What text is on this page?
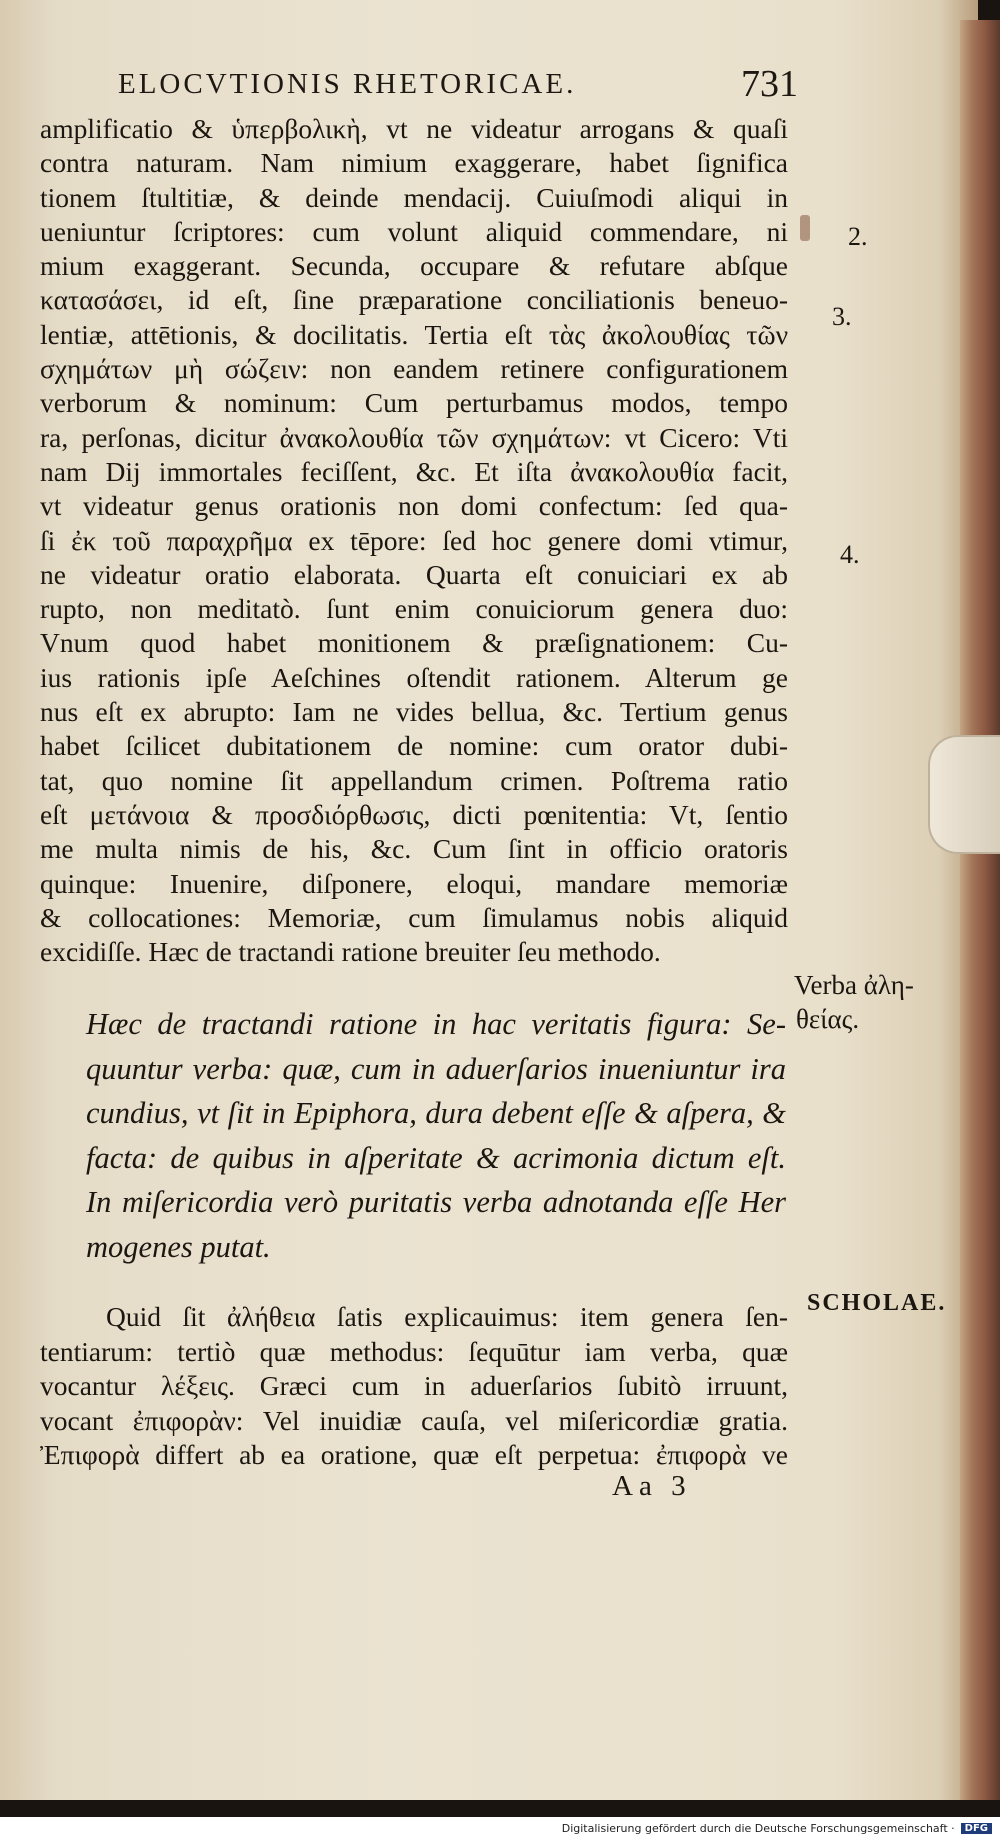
ELOCVTIONIS RHETORICAE.	731
amplificatio & ὑπερβολικὴ, vt ne videatur arrogans & quaſi
contra naturam. Nam nimium exaggerare, habet ſignifica
tionem ſtultitiæ, & deinde mendacij. Cuiuſmodi aliqui in
ueniuntur ſcriptores: cum volunt aliquid commendare, ni
mium exaggerant. Secunda, occupare & refutare abſque
κατασάσει, id eſt, ſine præparatione conciliationis beneuo-
lentiæ, attētionis, & docilitatis. Tertia eſt τὰς ἀκολουθίας τῶν
σχημάτων μὴ σώζειν: non eandem retinere configurationem
verborum & nominum: Cum perturbamus modos, tempo
ra, perſonas, dicitur ἀνακολουθία τῶν σχημάτων: vt Cicero: Vti
nam Dij immortales feciſſent, &c. Et iſta ἀνακολουθία facit,
vt videatur genus orationis non domi confectum: ſed qua-
ſi ἐκ τοῦ παραχρῆμα ex tēpore: ſed hoc genere domi vtimur,
ne videatur oratio elaborata. Quarta eſt conuiciari ex ab
rupto, non meditatò. ſunt enim conuiciorum genera duo:
Vnum quod habet monitionem & præſignationem: Cu-
ius rationis ipſe Aeſchines oſtendit rationem. Alterum ge
nus eſt ex abrupto: Iam ne vides bellua, &c. Tertium genus
habet ſcilicet dubitationem de nomine: cum orator dubi-
tat, quo nomine ſit appellandum crimen. Poſtrema ratio
eſt μετάνοια & προσδιόρθωσις, dicti pœnitentia: Vt, ſentio
me multa nimis de his, &c. Cum ſint in officio oratoris
quinque: Inuenire, diſponere, eloqui, mandare memoriæ
& collocationes: Memoriæ, cum ſimulamus nobis aliquid
excidiſſe. Hæc de tractandi ratione breuiter ſeu methodo.
Hæc de tractandi ratione in hac veritatis figura: Se-
quuntur verba: quæ, cum in aduerſarios inueniuntur ira
cundius, vt ſit in Epiphora, dura debent eſſe & aſpera, &
facta: de quibus in aſperitate & acrimonia dictum eſt.
In miſericordia verò puritatis verba adnotanda eſſe Her
mogenes putat.
Quid ſit ἀλήθεια ſatis explicauimus: item genera ſen-
tentiarum: tertiò quæ methodus: ſequūtur iam verba, quæ
vocantur λέξεις. Græci cum in aduerſarios ſubitò irruunt,
vocant ἐπιφορὰν: Vel inuidiæ cauſa, vel miſericordiæ gratia.
Ἐπιφορὰ differt ab ea oratione, quæ eſt perpetua: ἐπιφορὰ ve
Aa 3
2.
3.
4.
Verba ἀλη-
θείας.
SCHOLAE.
Digitalisierung gefördert durch die Deutsche Forschungsgemeinschaft ·	DFG
